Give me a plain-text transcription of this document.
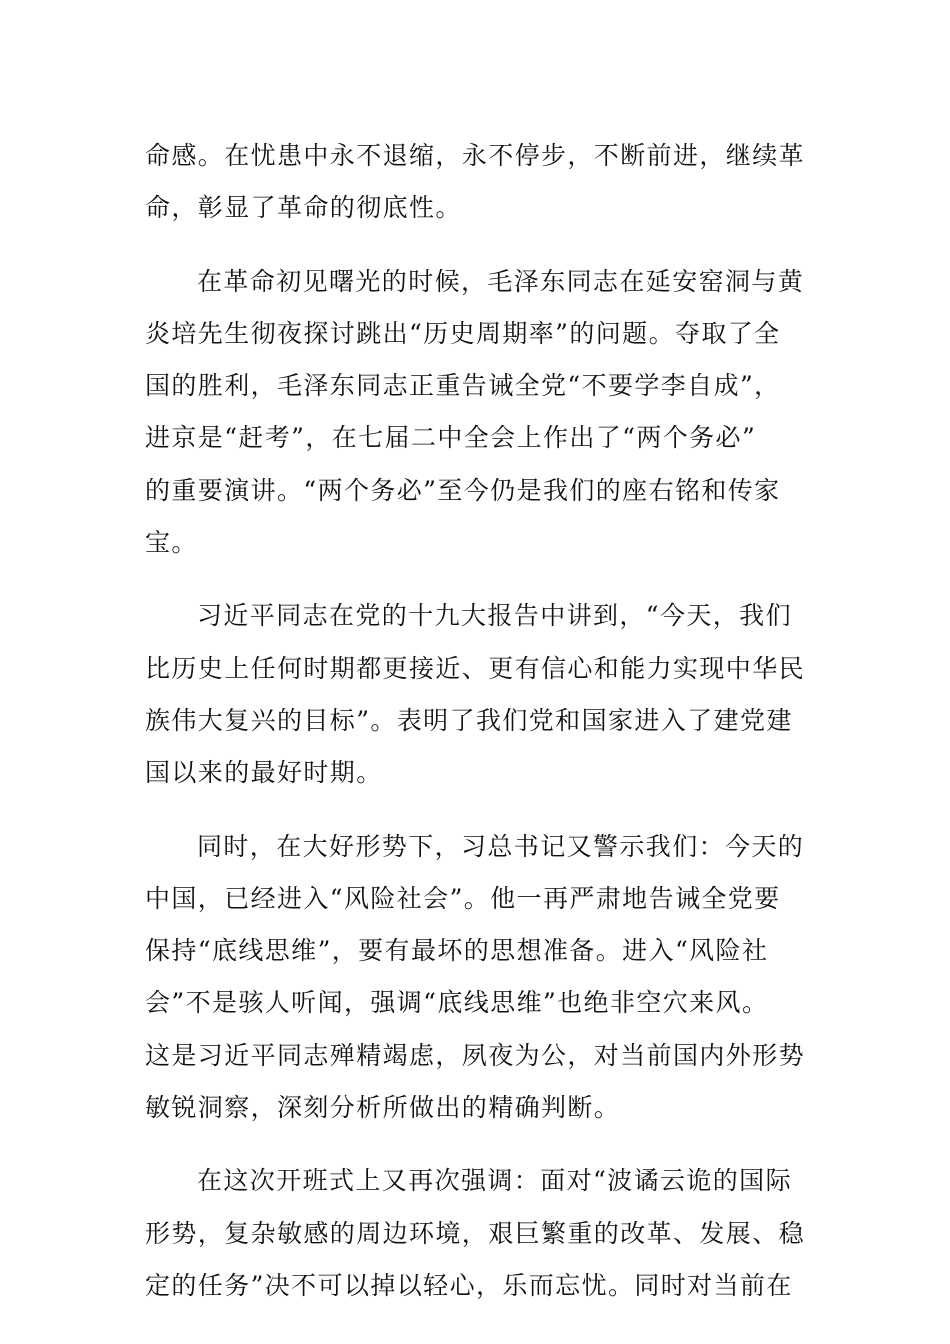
命感。在忧患中永不退缩，永不停步，不断前进，继续革
命，彰显了革命的彻底性。

在革命初见曙光的时候，毛泽东同志在延安窑洞与黄
炎培先生彻夜探讨跳出“历史周期率”的问题。夺取了全
国的胜利，毛泽东同志正重告诫全党“不要学李自成”，
进京是“赶考”，在七届二中全会上作出了“两个务必”
的重要演讲。“两个务必”至今仍是我们的座右铭和传家
宝。

习近平同志在党的十九大报告中讲到，“今天，我们
比历史上任何时期都更接近、更有信心和能力实现中华民
族伟大复兴的目标”。表明了我们党和国家进入了建党建
国以来的最好时期。

同时，在大好形势下，习总书记又警示我们：今天的
中国，已经进入“风险社会”。他一再严肃地告诫全党要
保持“底线思维”，要有最坏的思想准备。进入“风险社
会”不是骇人听闻，强调“底线思维”也绝非空穴来风。
这是习近平同志殚精竭虑，夙夜为公，对当前国内外形势
敏锐洞察，深刻分析所做出的精确判断。

在这次开班式上又再次强调：面对“波谲云诡的国际
形势，复杂敏感的周边环境，艰巨繁重的改革、发展、稳
定的任务”决不可以掉以轻心，乐而忘忧。同时对当前在
